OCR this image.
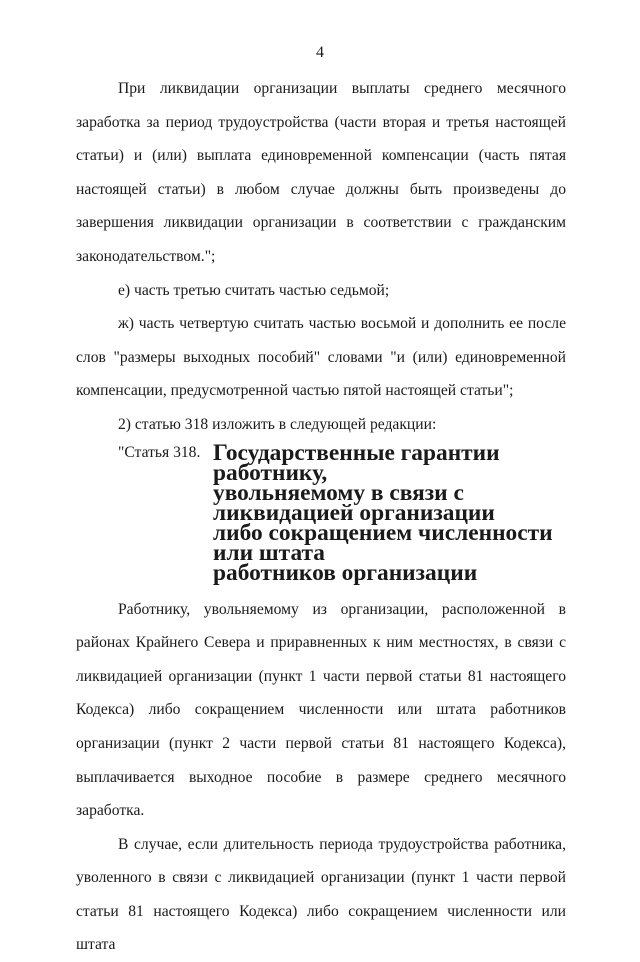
4

При ликвидации организации выплаты среднего месячного заработка за период трудоустройства (части вторая и третья настоящей статьи) и (или) выплата единовременной компенсации (часть пятая настоящей статьи) в любом случае должны быть произведены до завершения ликвидации организации в соответствии с гражданским законодательством.";

е) часть третью считать частью седьмой;

ж) часть четвертую считать частью восьмой и дополнить ее после слов "размеры выходных пособий" словами "и (или) единовременной компенсации, предусмотренной частью пятой настоящей статьи";

2) статью 318 изложить в следующей редакции:

"Статья 318. Государственные гарантии работнику,
увольняемому в связи с ликвидацией организации
либо сокращением численности или штата
работников организации

Работнику, увольняемому из организации, расположенной в районах Крайнего Севера и приравненных к ним местностях, в связи с ликвидацией организации (пункт 1 части первой статьи 81 настоящего Кодекса) либо сокращением численности или штата работников организации (пункт 2 части первой статьи 81 настоящего Кодекса), выплачивается выходное пособие в размере среднего месячного заработка.

В случае, если длительность периода трудоустройства работника, уволенного в связи с ликвидацией организации (пункт 1 части первой статьи 81 настоящего Кодекса) либо сокращением численности или штата
